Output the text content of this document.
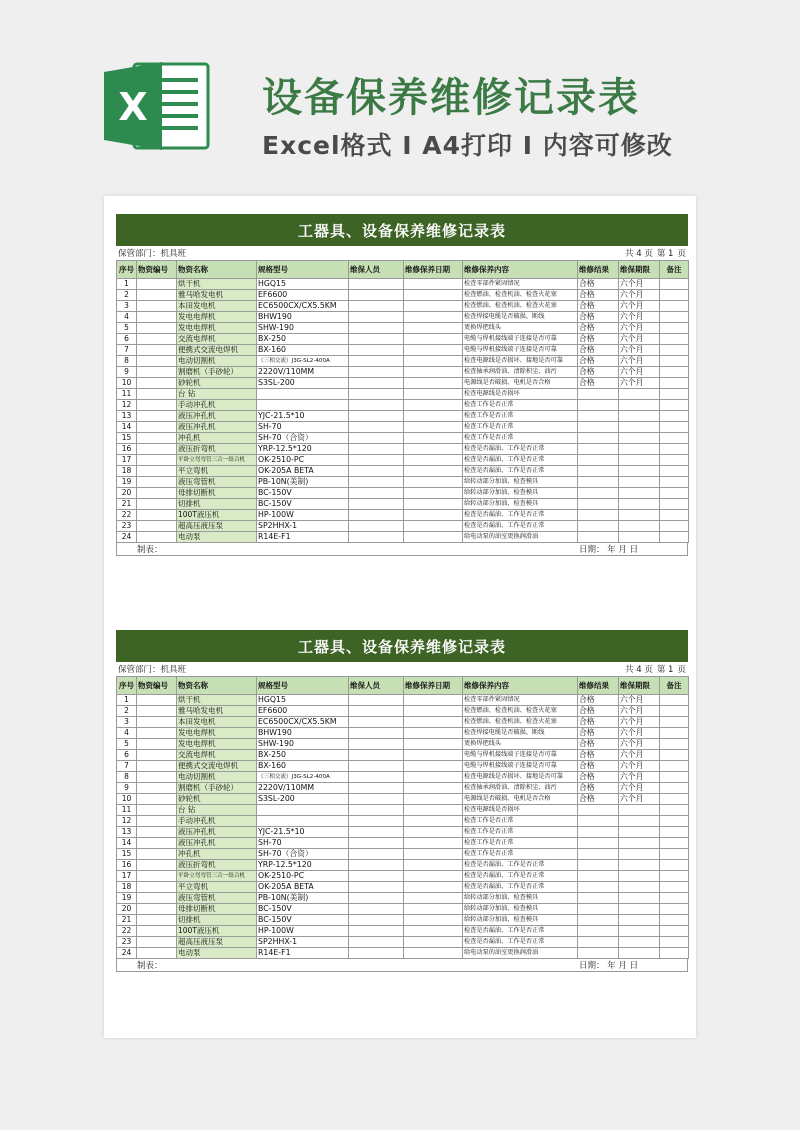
X	设备保养维修记录表
Excel格式 I A4打印 I 内容可修改
工器具、设备保养维修记录表
保管部门：机具班	共 4 页 第 1 页
序号	物资编号	物资名称	规格型号	维保人员	维修保养日期	维修保养内容	维修结果	维保期限	备注
1		烘干机	HGQ15			检查零部件紧固情况	合格	六个月	
2		雅马哈发电机	EF6600			检查燃油、检查机油、检查火花塞	合格	六个月	
3		本田发电机	EC6500CX/CX5.5KM			检查燃油、检查机油、检查火花塞	合格	六个月	
4		发电电焊机	BHW190			检查焊接电缆是否破损、断线	合格	六个月	
5		发电电焊机	SHW-190			更换焊把线头	合格	六个月	
6		交流电焊机	BX-250			电缆与焊机接线端子连接是否可靠	合格	六个月	
7		便携式交流电焊机	BX-160			电缆与焊机接线端子连接是否可靠	合格	六个月	
8		电动切割机	（三相交流）J3G-SL2-400A			检查电源线是否损坏、接地是否可靠	合格	六个月	
9		割磨机（手砂轮）	2220V/110MM			检查轴承润滑油、清除积尘、油污	合格	六个月	
10		砂轮机	S3SL-200			电源线是否破损、电机是否合格	合格	六个月	
11		台 钻				检查电源线是否损坏			
12		手动冲孔机				检查工作是否正常			
13		液压冲孔机	YJC-21.5*10			检查工作是否正常			
14		液压冲孔机	SH-70			检查工作是否正常			
15		冲孔机	SH-70（合资）			检查工作是否正常			
16		液压折弯机	YRP-12.5*120			检查是否漏油、工作是否正常			
17		平卧立弯弯管三合一组合机	OK-2510-PC			检查是否漏油、工作是否正常			
18		平立弯机	OK-205A BETA			检查是否漏油、工作是否正常			
19		液压弯管机	PB-10N(美制)			给转动部分加油、检查模具			
20		母排切断机	BC-150V			给转动部分加油、检查模具			
21		切排机	BC-150V			给转动部分加油、检查模具			
22		100T液压机	HP-100W			检查是否漏油、工作是否正常			
23		超高压液压泵	SP2HHX-1			检查是否漏油、工作是否正常			
24		电动泵	R14E-F1			给电动泵的油室更换润滑油			
制表：	日期： 年 月 日
工器具、设备保养维修记录表
保管部门：机具班	共 4 页 第 1 页
序号	物资编号	物资名称	规格型号	维保人员	维修保养日期	维修保养内容	维修结果	维保期限	备注
1		烘干机	HGQ15			检查零部件紧固情况	合格	六个月	
2		雅马哈发电机	EF6600			检查燃油、检查机油、检查火花塞	合格	六个月	
3		本田发电机	EC6500CX/CX5.5KM			检查燃油、检查机油、检查火花塞	合格	六个月	
4		发电电焊机	BHW190			检查焊接电缆是否破损、断线	合格	六个月	
5		发电电焊机	SHW-190			更换焊把线头	合格	六个月	
6		交流电焊机	BX-250			电缆与焊机接线端子连接是否可靠	合格	六个月	
7		便携式交流电焊机	BX-160			电缆与焊机接线端子连接是否可靠	合格	六个月	
8		电动切割机	（三相交流）J3G-SL2-400A			检查电源线是否损坏、接地是否可靠	合格	六个月	
9		割磨机（手砂轮）	2220V/110MM			检查轴承润滑油、清除积尘、油污	合格	六个月	
10		砂轮机	S3SL-200			电源线是否破损、电机是否合格	合格	六个月	
11		台 钻				检查电源线是否损坏			
12		手动冲孔机				检查工作是否正常			
13		液压冲孔机	YJC-21.5*10			检查工作是否正常			
14		液压冲孔机	SH-70			检查工作是否正常			
15		冲孔机	SH-70（合资）			检查工作是否正常			
16		液压折弯机	YRP-12.5*120			检查是否漏油、工作是否正常			
17		平卧立弯弯管三合一组合机	OK-2510-PC			检查是否漏油、工作是否正常			
18		平立弯机	OK-205A BETA			检查是否漏油、工作是否正常			
19		液压弯管机	PB-10N(美制)			给转动部分加油、检查模具			
20		母排切断机	BC-150V			给转动部分加油、检查模具			
21		切排机	BC-150V			给转动部分加油、检查模具			
22		100T液压机	HP-100W			检查是否漏油、工作是否正常			
23		超高压液压泵	SP2HHX-1			检查是否漏油、工作是否正常			
24		电动泵	R14E-F1			给电动泵的油室更换润滑油			
制表：	日期： 年 月 日
